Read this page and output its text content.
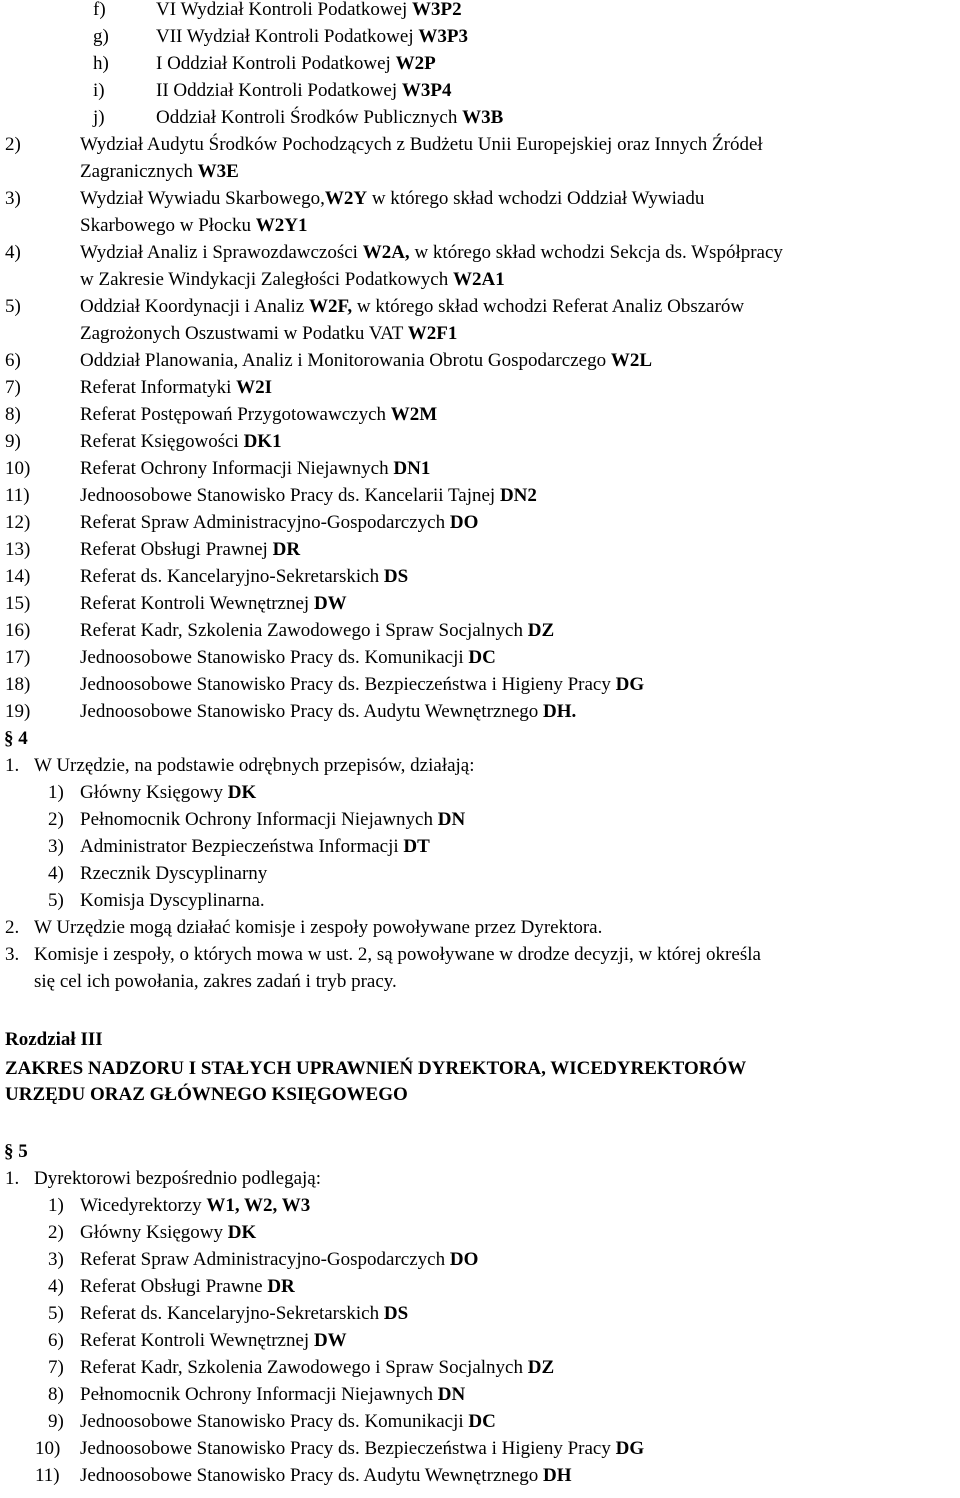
f)	VI Wydział Kontroli Podatkowej W3P2
g) VII Wydział Kontroli Podatkowej W3P3
h) I Oddział Kontroli Podatkowej W2P
i)	II Oddział Kontroli Podatkowej W3P4
j)	Oddział Kontroli Środków Publicznych W3B
2)	Wydział Audytu Środków Pochodzących z Budżetu Unii Europejskiej oraz Innych Źródeł
Zagranicznych W3E
3)	Wydział Wywiadu Skarbowego,W2Y w którego skład wchodzi Oddział Wywiadu
Skarbowego w Płocku W2Y1
4)	Wydział Analiz i Sprawozdawczości W2A, w którego skład wchodzi Sekcja ds. Współpracy
w Zakresie Windykacji Zaległości Podatkowych W2A1
5)	Oddział Koordynacji i Analiz W2F, w którego skład wchodzi Referat Analiz Obszarów
Zagrożonych Oszustwami w Podatku VAT W2F1
6)	Oddział Planowania, Analiz i Monitorowania Obrotu Gospodarczego W2L
7)	Referat Informatyki W2I
8)	Referat Postępowań Przygotowawczych W2M
9)	Referat Księgowości DK1
10)	Referat Ochrony Informacji Niejawnych DN1
11)	Jednoosobowe Stanowisko Pracy ds. Kancelarii Tajnej DN2
12)	Referat Spraw Administracyjno-Gospodarczych DO
13)	Referat Obsługi Prawnej DR
14)	Referat ds. Kancelaryjno-Sekretarskich DS
15)	Referat Kontroli Wewnętrznej DW
16)	Referat Kadr, Szkolenia Zawodowego i Spraw Socjalnych DZ
17)	Jednoosobowe Stanowisko Pracy ds. Komunikacji DC
18)	Jednoosobowe Stanowisko Pracy ds. Bezpieczeństwa i Higieny Pracy DG
19)	Jednoosobowe Stanowisko Pracy ds. Audytu Wewnętrznego DH.
§ 4
1. W Urzędzie, na podstawie odrębnych przepisów, działają:
1) Główny Księgowy DK
2) Pełnomocnik Ochrony Informacji Niejawnych DN
3) Administrator Bezpieczeństwa Informacji DT
4) Rzecznik Dyscyplinarny
5) Komisja Dyscyplinarna.
2. W Urzędzie mogą działać komisje i zespoły powoływane przez Dyrektora.
3. Komisje i zespoły, o których mowa w ust. 2, są powoływane w drodze decyzji, w której określa
się cel ich powołania, zakres zadań i tryb pracy.
Rozdział III
ZAKRES NADZORU I STAŁYCH UPRAWNIEŃ DYREKTORA, WICEDYREKTORÓW
URZĘDU ORAZ GŁÓWNEGO KSIĘGOWEGO
§ 5
1. Dyrektorowi bezpośrednio podlegają:
1) Wicedyrektorzy W1, W2, W3
2) Główny Księgowy DK
3) Referat Spraw Administracyjno-Gospodarczych DO
4) Referat Obsługi Prawne DR
5) Referat ds. Kancelaryjno-Sekretarskich DS
6) Referat Kontroli Wewnętrznej DW
7) Referat Kadr, Szkolenia Zawodowego i Spraw Socjalnych DZ
8) Pełnomocnik Ochrony Informacji Niejawnych DN
9) Jednoosobowe Stanowisko Pracy ds. Komunikacji DC
10) Jednoosobowe Stanowisko Pracy ds. Bezpieczeństwa i Higieny Pracy DG
11) Jednoosobowe Stanowisko Pracy ds. Audytu Wewnętrznego DH
